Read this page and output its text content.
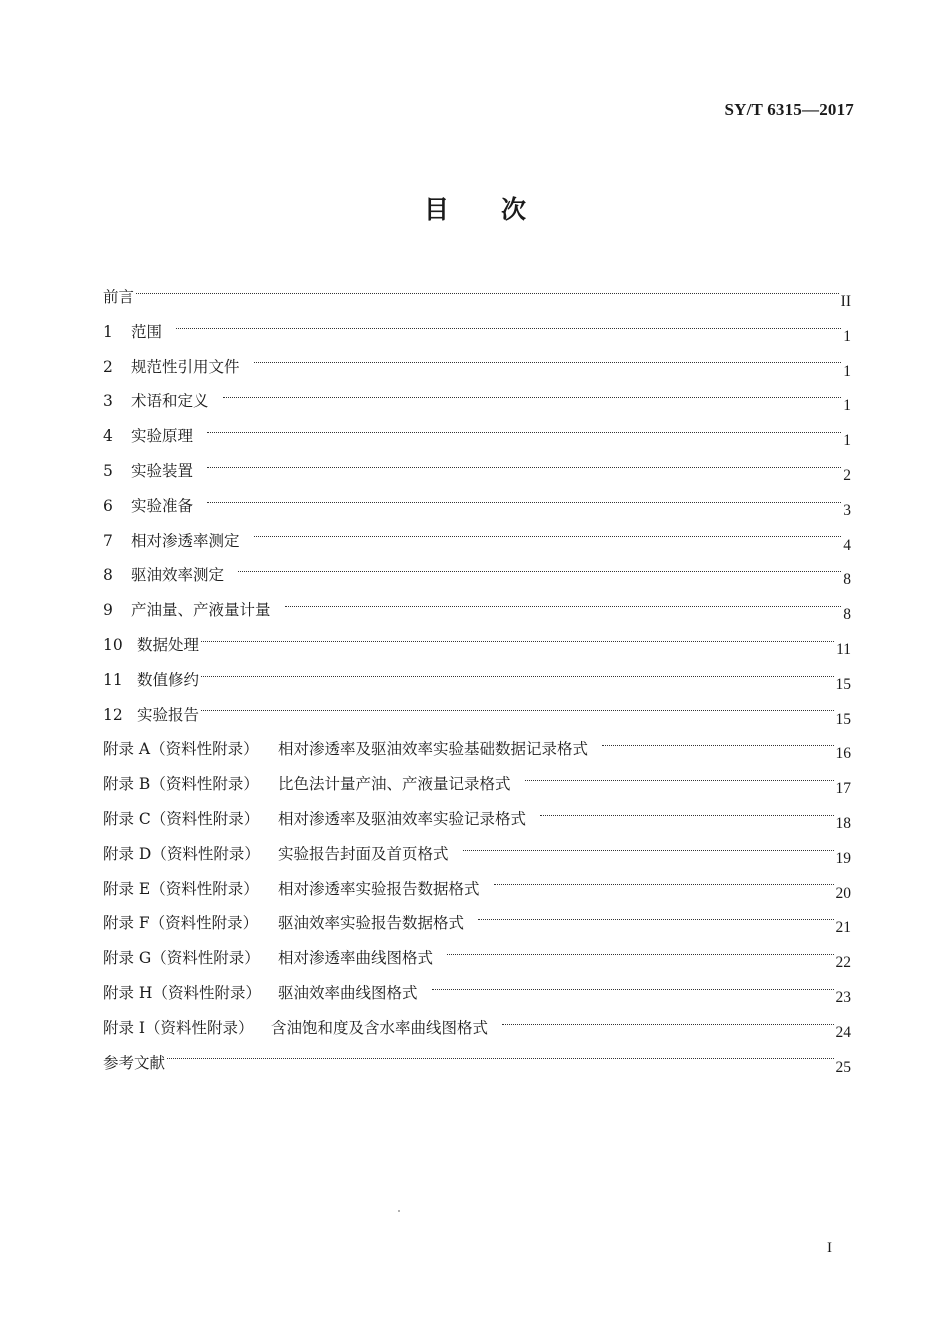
SY/T 6315—2017
目次
前言	II
1	范围	1
2	规范性引用文件	1
3	术语和定义	1
4	实验原理	1
5	实验装置	2
6	实验准备	3
7	相对渗透率测定	4
8	驱油效率测定	8
9	产油量、产液量计量	8
10 数据处理	11
11 数值修约	15
12 实验报告	15
附录 A（资料性附录）	相对渗透率及驱油效率实验基础数据记录格式	16
附录 B（资料性附录）	比色法计量产油、产液量记录格式	17
附录 C（资料性附录）	相对渗透率及驱油效率实验记录格式	18
附录 D（资料性附录）	实验报告封面及首页格式	19
附录 E（资料性附录）	相对渗透率实验报告数据格式	20
附录 F（资料性附录）	驱油效率实验报告数据格式	21
附录 G（资料性附录）	相对渗透率曲线图格式	22
附录 H（资料性附录）	驱油效率曲线图格式	23
附录 I（资料性附录）	含油饱和度及含水率曲线图格式	24
参考文献	25
I
